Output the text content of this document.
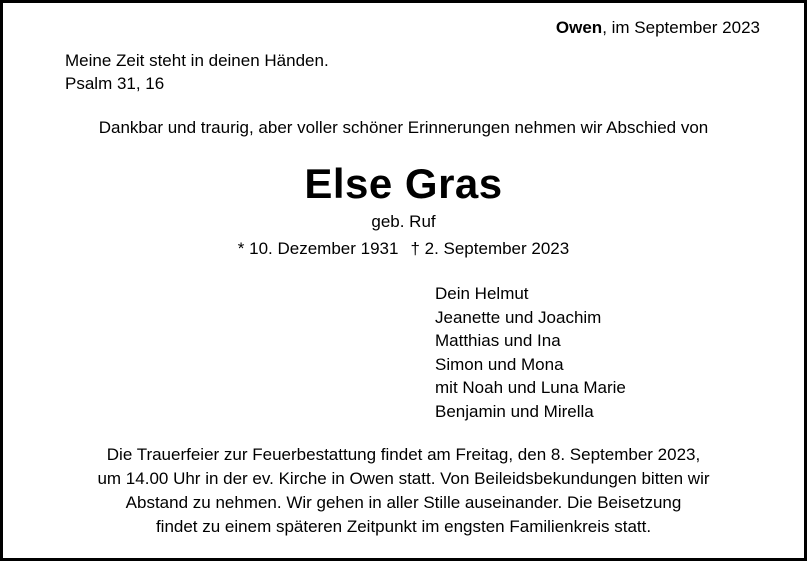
Owen, im September 2023
Meine Zeit steht in deinen Händen.
Psalm 31, 16
Dankbar und traurig, aber voller schöner Erinnerungen nehmen wir Abschied von
Else Gras
geb. Ruf
* 10. Dezember 1931 † 2. September 2023
Dein Helmut
Jeanette und Joachim
Matthias und Ina
Simon und Mona
mit Noah und Luna Marie
Benjamin und Mirella
Die Trauerfeier zur Feuerbestattung findet am Freitag, den 8. September 2023,
um 14.00 Uhr in der ev. Kirche in Owen statt. Von Beileidsbekundungen bitten wir
Abstand zu nehmen. Wir gehen in aller Stille auseinander. Die Beisetzung
findet zu einem späteren Zeitpunkt im engsten Familienkreis statt.
